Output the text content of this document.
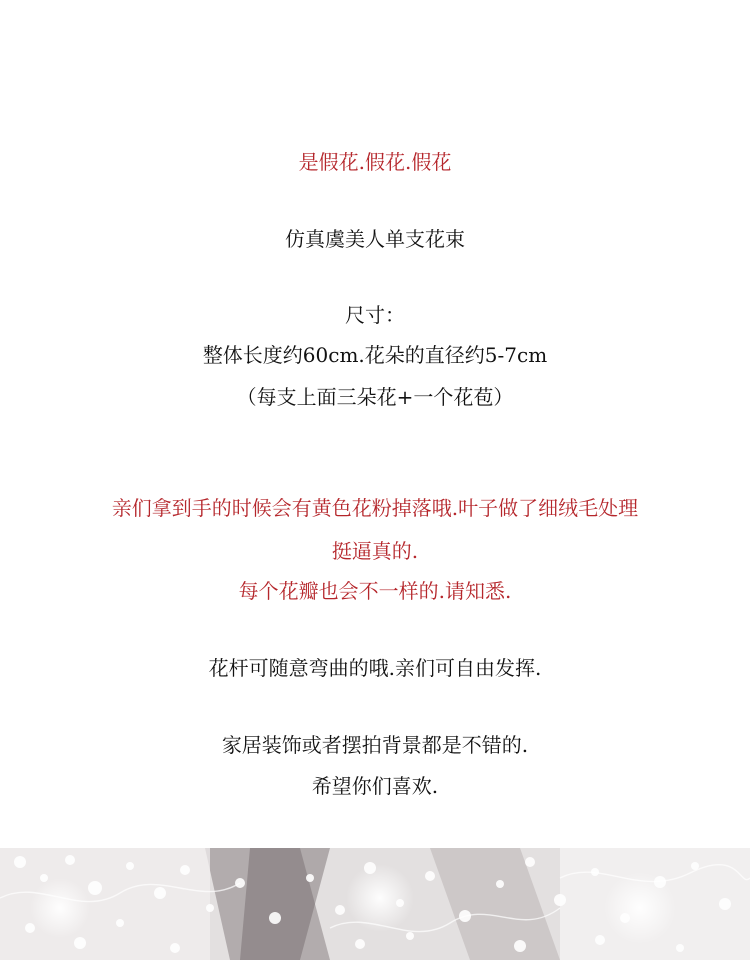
是假花.假花.假花
仿真虞美人单支花束
尺寸：
整体长度约60cm.花朵的直径约5-7cm
（每支上面三朵花+一个花苞）
亲们拿到手的时候会有黄色花粉掉落哦.叶子做了细绒毛处理
挺逼真的.
每个花瓣也会不一样的.请知悉.
花杆可随意弯曲的哦.亲们可自由发挥.
家居装饰或者摆拍背景都是不错的.
希望你们喜欢.
